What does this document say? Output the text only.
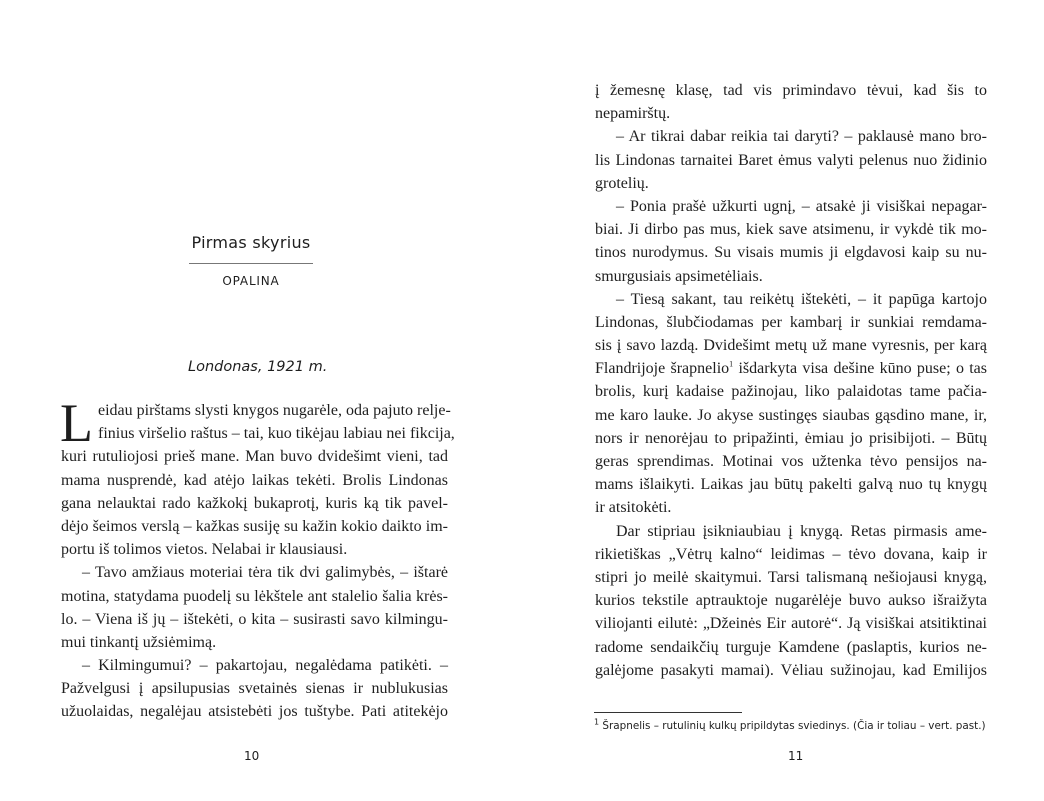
Pirmas skyrius
OPALINA
Londonas, 1921 m.
L eidau pirštams slysti knygos nugarėle, oda pajuto relje-
finius viršelio raštus – tai, kuo tikėjau labiau nei fikcija,
kuri rutuliojosi prieš mane. Man buvo dvidešimt vieni, tad
mama nusprendė, kad atėjo laikas tekėti. Brolis Lindonas
gana nelauktai rado kažkokį bukaprotį, kuris ką tik pavel-
dėjo šeimos verslą – kažkas susiję su kažin kokio daikto im-
portu iš tolimos vietos. Nelabai ir klausiausi.
– Tavo amžiaus moteriai tėra tik dvi galimybės, – ištarė
motina, statydama puodelį su lėkštele ant stalelio šalia krės-
lo. – Viena iš jų – ištekėti, o kita – susirasti savo kilmingu-
mui tinkantį užsiėmimą.
– Kilmingumui? – pakartojau, negalėdama patikėti. –
Pažvelgusi į apsilupusias svetainės sienas ir nublukusias
užuolaidas, negalėjau atsistebėti jos tuštybe. Pati atitekėjo
10
į žemesnę klasę, tad vis primindavo tėvui, kad šis to
nepamirštų.
– Ar tikrai dabar reikia tai daryti? – paklausė mano bro-
lis Lindonas tarnaitei Baret ėmus valyti pelenus nuo židinio
grotelių.
– Ponia prašė užkurti ugnį, – atsakė ji visiškai nepagar-
biai. Ji dirbo pas mus, kiek save atsimenu, ir vykdė tik mo-
tinos nurodymus. Su visais mumis ji elgdavosi kaip su nu-
smurgusiais apsimetėliais.
– Tiesą sakant, tau reikėtų ištekėti, – it papūga kartojo
Lindonas, šlubčiodamas per kambarį ir sunkiai remdama-
sis į savo lazdą. Dvidešimt metų už mane vyresnis, per karą
Flandrijoje šrapnelio$^1$ išdarkyta visa dešine kūno puse; o tas
brolis, kurį kadaise pažinojau, liko palaidotas tame pačia-
me karo lauke. Jo akyse sustingęs siaubas gąsdino mane, ir,
nors ir nenorėjau to pripažinti, ėmiau jo prisibijoti. – Būtų
geras sprendimas. Motinai vos užtenka tėvo pensijos na-
mams išlaikyti. Laikas jau būtų pakelti galvą nuo tų knygų
ir atsitokėti.
Dar stipriau įsikniaubiau į knygą. Retas pirmasis ame-
rikietiškas „Vėtrų kalno“ leidimas – tėvo dovana, kaip ir
stipri jo meilė skaitymui. Tarsi talismaną nešiojausi knygą,
kurios tekstile aptrauktoje nugarėlėje buvo aukso išraižyta
viliojanti eilutė: „Džeinės Eir autorė“. Ją visiškai atsitiktinai
radome sendaikčių turguje Kamdene (paslaptis, kurios ne-
galėjome pasakyti mamai). Vėliau sužinojau, kad Emilijos
$^1$ Šrapnelis – rutulinių kulkų pripildytas sviedinys. (Čia ir toliau – vert. past.)
11
